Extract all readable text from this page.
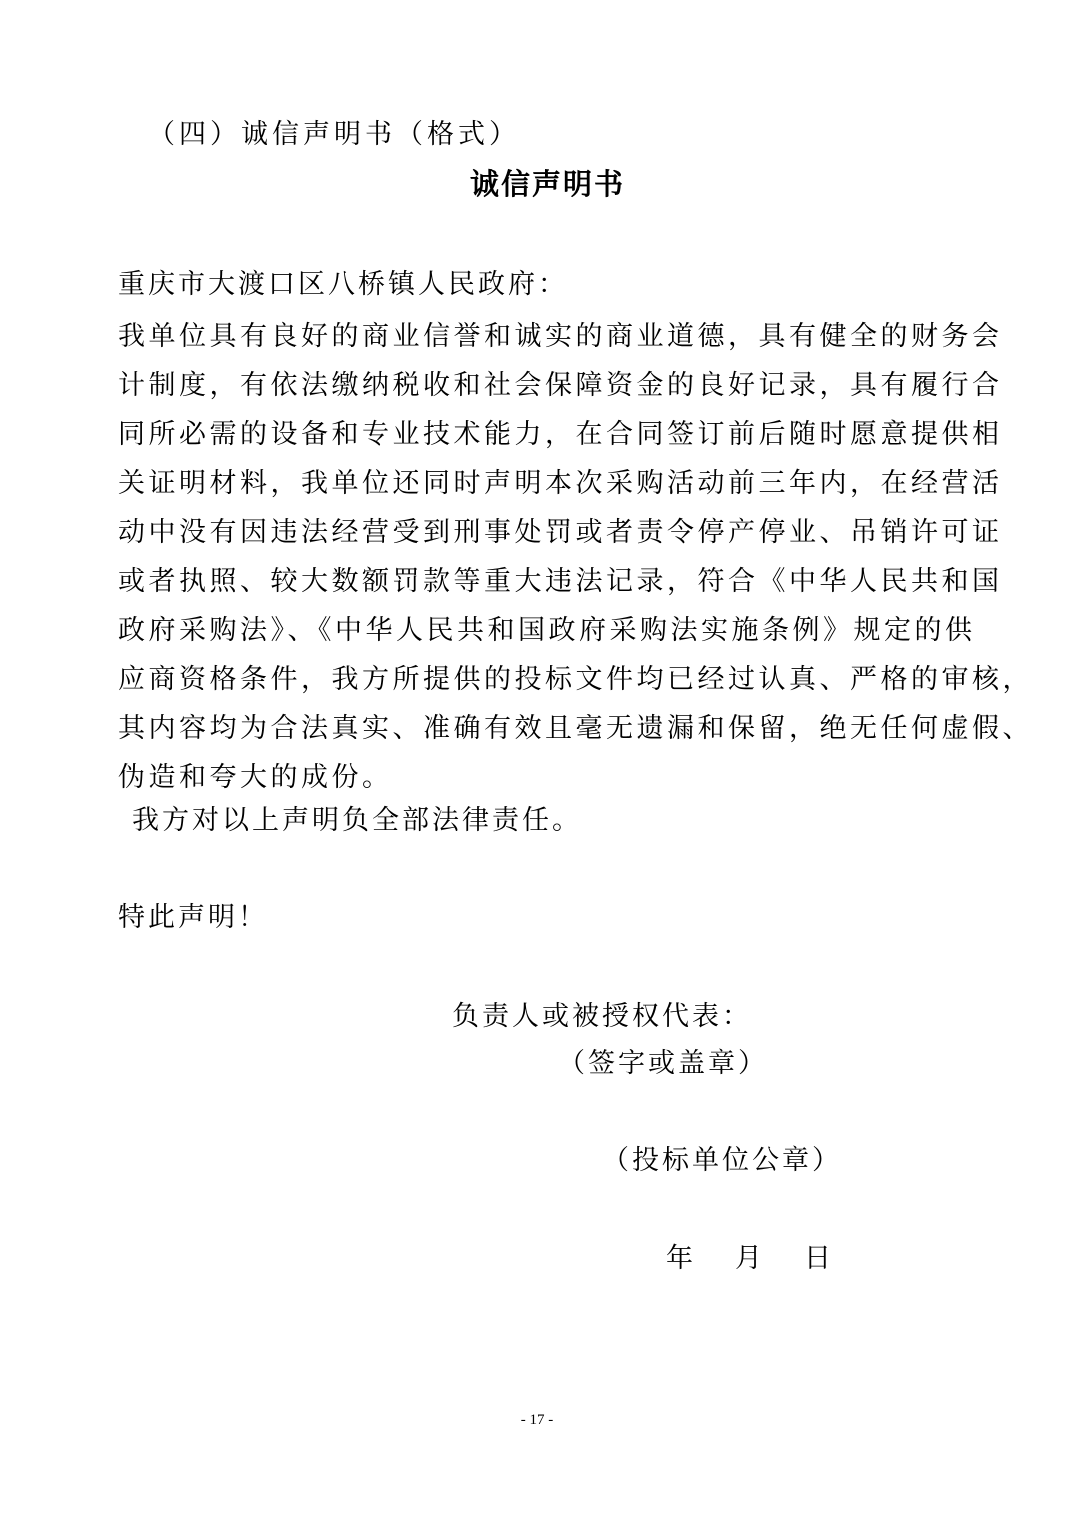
（四）诚信声明书（格式）
诚信声明书
重庆市大渡口区八桥镇人民政府：
我单位具有良好的商业信誉和诚实的商业道德，具有健全的财务会
计制度，有依法缴纳税收和社会保障资金的良好记录，具有履行合
同所必需的设备和专业技术能力，在合同签订前后随时愿意提供相
关证明材料，我单位还同时声明本次采购活动前三年内，在经营活
动中没有因违法经营受到刑事处罚或者责令停产停业、吊销许可证
或者执照、较大数额罚款等重大违法记录，符合《中华人民共和国
政府采购法》、《中华人民共和国政府采购法实施条例》规定的供
应商资格条件，我方所提供的投标文件均已经过认真、严格的审核，
其内容均为合法真实、准确有效且毫无遗漏和保留，绝无任何虚假、
伪造和夸大的成份。
我方对以上声明负全部法律责任。
特此声明！
负责人或被授权代表：
（签字或盖章）
（投标单位公章）
年 月 日
- 17 -
